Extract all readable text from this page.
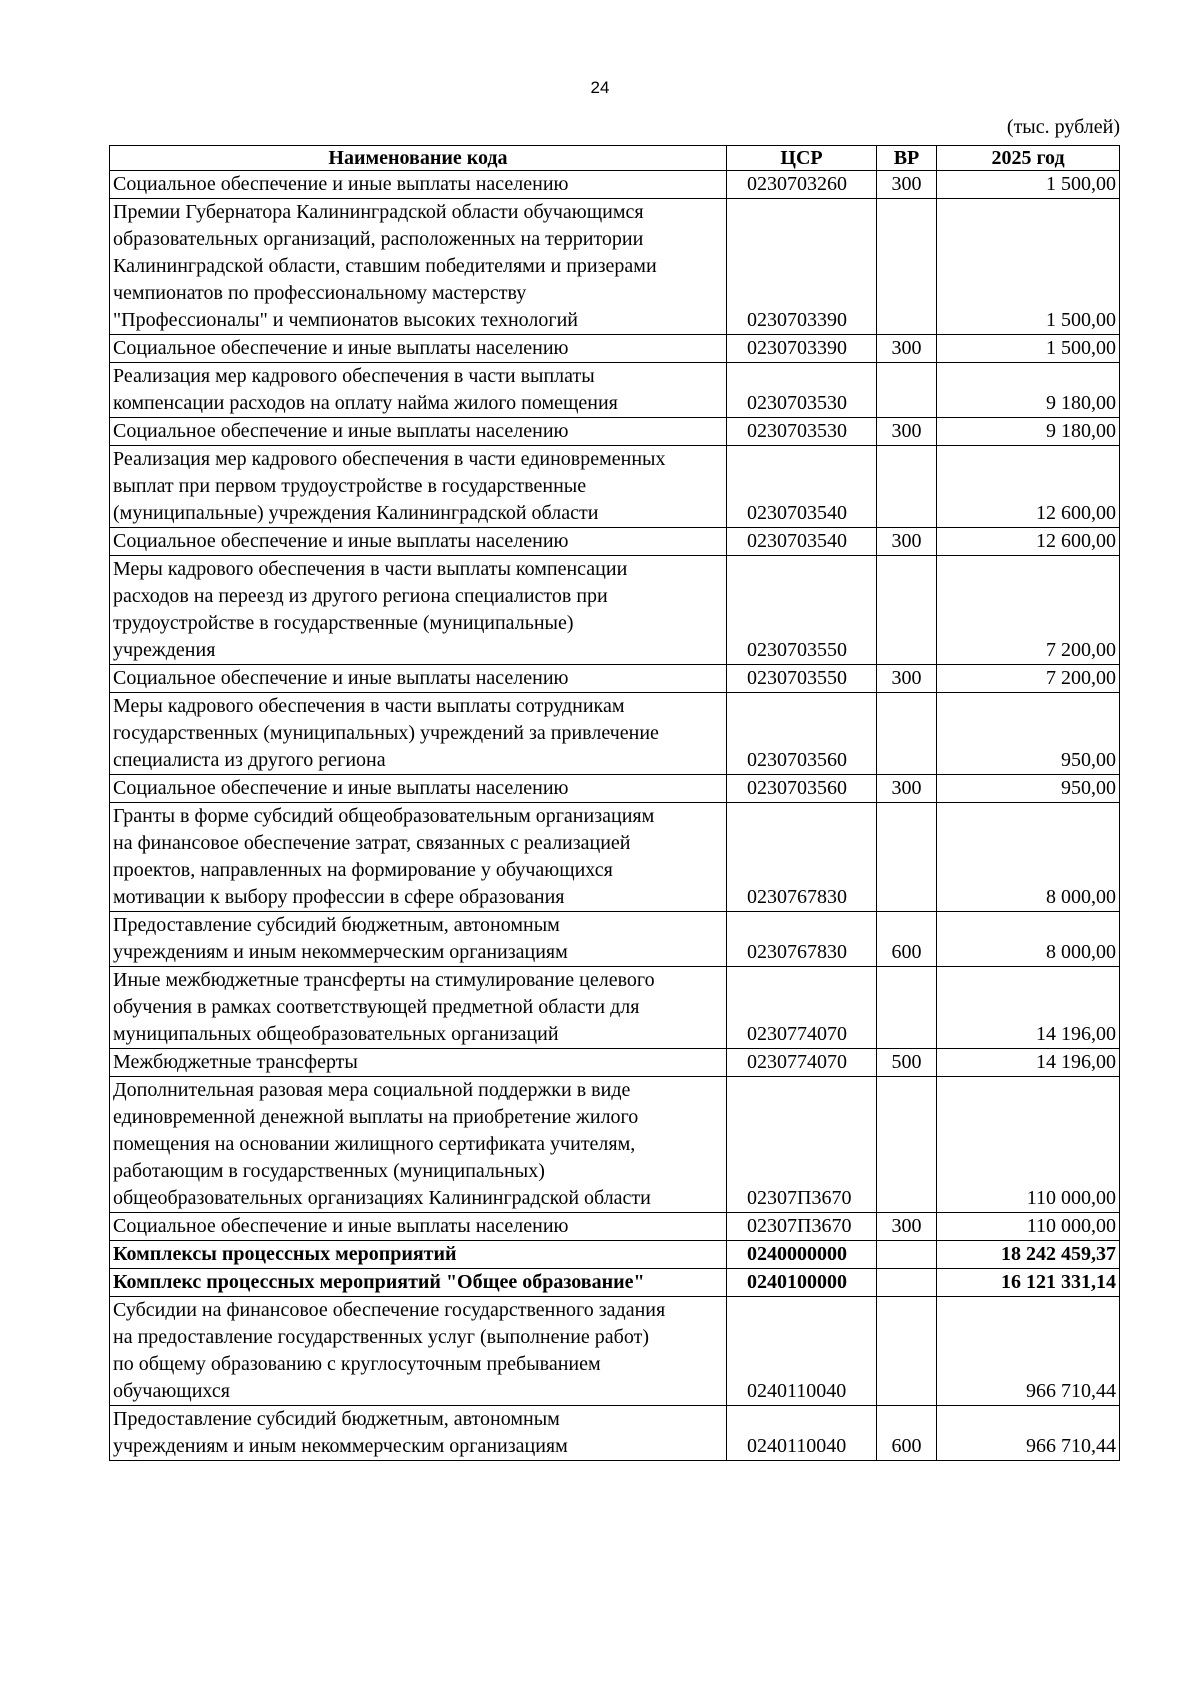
24
(тыс. рублей)
Наименование кода	ЦСР	ВР	2025 год
Социальное обеспечение и иные выплаты населению	0230703260	300	1 500,00
Премии Губернатора Калининградской области обучающимся
образовательных организаций, расположенных на территории
Калининградской области, ставшим победителями и призерами
чемпионатов по профессиональному мастерству
"Профессионалы" и чемпионатов высоких технологий	0230703390		1 500,00
Социальное обеспечение и иные выплаты населению	0230703390	300	1 500,00
Реализация мер кадрового обеспечения в части выплаты
компенсации расходов на оплату найма жилого помещения	0230703530		9 180,00
Социальное обеспечение и иные выплаты населению	0230703530	300	9 180,00
Реализация мер кадрового обеспечения в части единовременных
выплат при первом трудоустройстве в государственные
(муниципальные) учреждения Калининградской области	0230703540		12 600,00
Социальное обеспечение и иные выплаты населению	0230703540	300	12 600,00
Меры кадрового обеспечения в части выплаты компенсации
расходов на переезд из другого региона специалистов при
трудоустройстве в государственные (муниципальные)
учреждения	0230703550		7 200,00
Социальное обеспечение и иные выплаты населению	0230703550	300	7 200,00
Меры кадрового обеспечения в части выплаты сотрудникам
государственных (муниципальных) учреждений за привлечение
специалиста из другого региона	0230703560		950,00
Социальное обеспечение и иные выплаты населению	0230703560	300	950,00
Гранты в форме субсидий общеобразовательным организациям
на финансовое обеспечение затрат, связанных с реализацией
проектов, направленных на формирование у обучающихся
мотивации к выбору профессии в сфере образования	0230767830		8 000,00
Предоставление субсидий бюджетным, автономным
учреждениям и иным некоммерческим организациям	0230767830	600	8 000,00
Иные межбюджетные трансферты на стимулирование целевого
обучения в рамках соответствующей предметной области для
муниципальных общеобразовательных организаций	0230774070		14 196,00
Межбюджетные трансферты	0230774070	500	14 196,00
Дополнительная разовая мера социальной поддержки в виде
единовременной денежной выплаты на приобретение жилого
помещения на основании жилищного сертификата учителям,
работающим в государственных (муниципальных)
общеобразовательных организациях Калининградской области	02307П3670		110 000,00
Социальное обеспечение и иные выплаты населению	02307П3670	300	110 000,00
Комплексы процессных мероприятий	0240000000		18 242 459,37
Комплекс процессных мероприятий "Общее образование"	0240100000		16 121 331,14
Субсидии на финансовое обеспечение государственного задания
на предоставление государственных услуг (выполнение работ)
по общему образованию с круглосуточным пребыванием
обучающихся	0240110040		966 710,44
Предоставление субсидий бюджетным, автономным
учреждениям и иным некоммерческим организациям	0240110040	600	966 710,44
